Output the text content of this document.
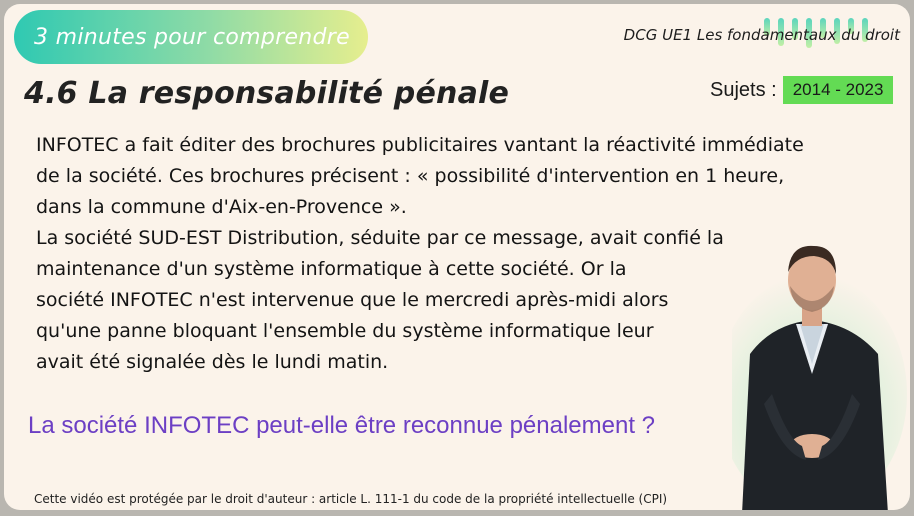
3 minutes pour comprendre	DCG UE1 Les fondamentaux du droit
4.6 La responsabilité pénale	Sujets : 2014 - 2023

INFOTEC a fait éditer des brochures publicitaires vantant la réactivité immédiate

de la société. Ces brochures précisent : « possibilité d'intervention en 1 heure,

dans la commune d'Aix-en-Provence ».

La société SUD-EST Distribution, séduite par ce message, avait confié la

maintenance d'un système informatique à cette société. Or la

société INFOTEC n'est intervenue que le mercredi après-midi alors

qu'une panne bloquant l'ensemble du système informatique leur

avait été signalée dès le lundi matin.

La société INFOTEC peut-elle être reconnue pénalement ?
Cette vidéo est protégée par le droit d'auteur : article L. 111-1 du code de la propriété intellectuelle (CPI)
